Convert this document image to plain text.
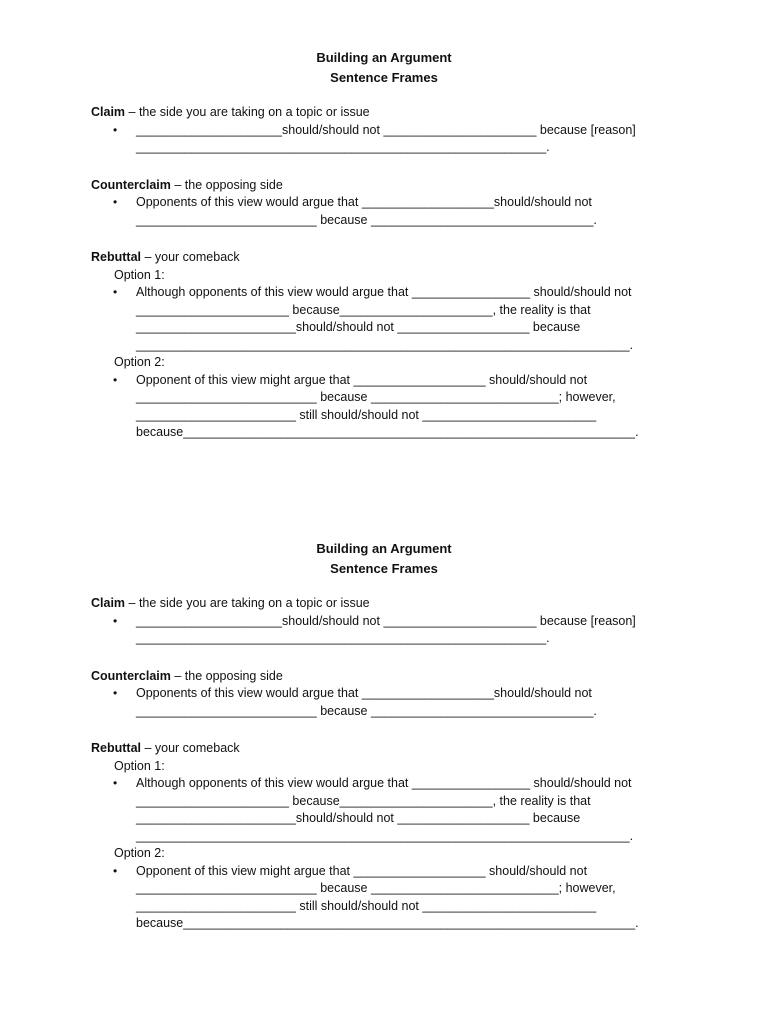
Building an Argument
Sentence Frames
Claim – the side you are taking on a topic or issue
• _____________________should/should not ______________________ because [reason]
___________________________________________________________.
Counterclaim – the opposing side
• Opponents of this view would argue that ___________________should/should not
__________________________ because ________________________________.
Rebuttal – your comeback
Option 1:
• Although opponents of this view would argue that _________________ should/should not
______________________ because______________________, the reality is that
_______________________should/should not ___________________ because
_______________________________________________________________________.
Option 2:
• Opponent of this view might argue that ___________________ should/should not
__________________________ because ___________________________; however,
_______________________ still should/should not _________________________
because_________________________________________________________________.
Building an Argument
Sentence Frames
Claim – the side you are taking on a topic or issue
• _____________________should/should not ______________________ because [reason]
___________________________________________________________.
Counterclaim – the opposing side
• Opponents of this view would argue that ___________________should/should not
__________________________ because ________________________________.
Rebuttal – your comeback
Option 1:
• Although opponents of this view would argue that _________________ should/should not
______________________ because______________________, the reality is that
_______________________should/should not ___________________ because
_______________________________________________________________________.
Option 2:
• Opponent of this view might argue that ___________________ should/should not
__________________________ because ___________________________; however,
_______________________ still should/should not _________________________
because_________________________________________________________________.
